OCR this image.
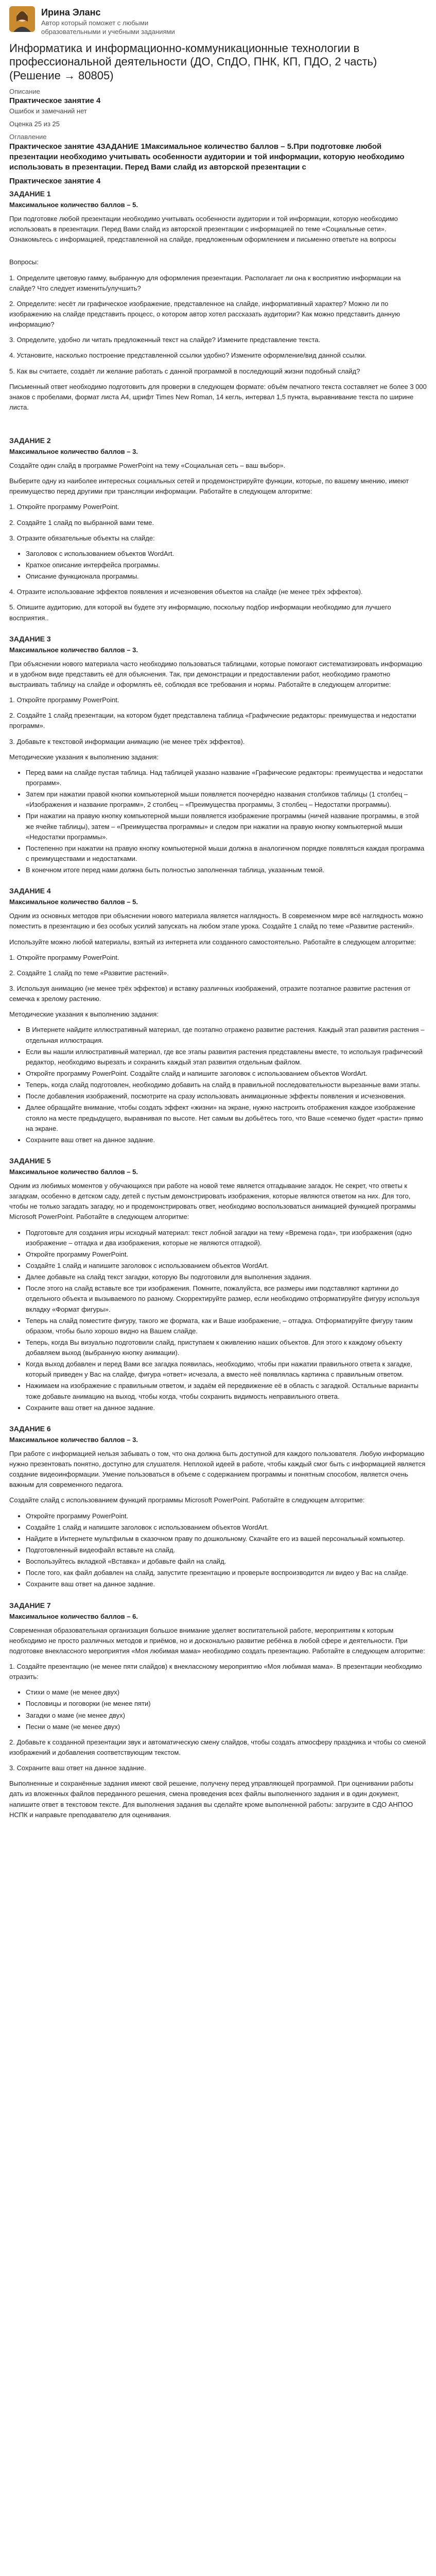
Ирина Эланс
Автор который поможет с любыми образовательными и учебными заданиями
Информатика и информационно-коммуникационные технологии в профессиональной деятельности (ДО, СпДО, ПНК, КП, ПДО, 2 часть) (Решение → 80805)
Описание
Практическое занятие 4
Ошибок и замечаний нет
Оценка 25 из 25
Оглавление
Практическое занятие 4ЗАДАНИЕ 1Максимальное количество баллов – 5.При подготовке любой презентации необходимо учитывать особенности аудитории и той информации, которую необходимо использовать в презентации. Перед Вами слайд из авторской презентации с
Практическое занятие 4
ЗАДАНИЕ 1
Максимальное количество баллов – 5.

При подготовке любой презентации необходимо учитывать особенности аудитории и той информации, которую необходимо использовать в презентации. Перед Вами слайд из авторской презентации с информацией по теме «Социальные сети». Ознакомьтесь с информацией, представленной на слайде, предложенным оформлением и письменно ответьте на вопросы

Вопросы:

1. Определите цветовую гамму, выбранную для оформления презентации. Располагает ли она к восприятию информации на слайде? Что следует изменить/улучшить?

2. Определите: несёт ли графическое изображение, представленное на слайде, информативный характер? Можно ли по изображению на слайде представить процесс, о котором автор хотел рассказать аудитории? Как можно представить данную информацию?

3. Определите, удобно ли читать предложенный текст на слайде? Измените представление текста.

4. Установите, насколько построение представленной ссылки удобно? Измените оформление/вид данной ссылки.

5. Как вы считаете, создаёт ли желание работать с данной программой в последующий жизни подобный слайд?

Письменный ответ необходимо подготовить для проверки в следующем формате: объём печатного текста составляет не более 3 000 знаков с пробелами, формат листа A4, шрифт Times New Roman, 14 кегль, интервал 1,5 пункта, выравнивание текста по ширине листа.

ЗАДАНИЕ 2
Максимальное количество баллов – 3.

Создайте один слайд в программе PowerPoint на тему «Социальная сеть – ваш выбор».

Выберите одну из наиболее интересных социальных сетей и продемонстрируйте функции, которые, по вашему мнению, имеют преимущество перед другими при трансляции информации. Работайте в следующем алгоритме:

1. Откройте программу PowerPoint.

2. Создайте 1 слайд по выбранной вами теме.

3. Отразите обязательные объекты на слайде:

• Заголовок с использованием объектов WordArt.
• Краткое описание интерфейса программы.
• Описание функционала программы.

4. Отразите использование эффектов появления и исчезновения объектов на слайде (не менее трёх эффектов).

5. Опишите аудиторию, для которой вы будете эту информацию, поскольку подбор информации необходимо для лучшего восприятия..

ЗАДАНИЕ 3
Максимальное количество баллов – 3.

При объяснении нового материала часто необходимо пользоваться таблицами, которые помогают систематизировать информацию и в удобном виде представить её для объяснения. Так, при демонстрации и предоставлении работ, необходимо грамотно выстраивать таблицу на слайде и оформлять её, соблюдая все требования и нормы. Работайте в следующем алгоритме:

1. Откройте программу PowerPoint.

2. Создайте 1 слайд презентации, на котором будет представлена таблица «Графические редакторы: преимущества и недостатки программ».

3. Добавьте к текстовой информации анимацию (не менее трёх эффектов).

Методические указания к выполнению задания:

• Перед вами на слайде пустая таблица. Над таблицей указано название «Графические редакторы: преимущества и недостатки программ».
• Затем при нажатии правой кнопки компьютерной мыши появляется поочерёдно названия столбиков таблицы (1 столбец – «Изображения и название программ», 2 столбец – «Преимущества программы, 3 столбец – Недостатки программы).
• При нажатии на правую кнопку компьютерной мыши появляется изображение программы (ничей название программы, в этой же ячейке таблицы), затем – «Преимущества программы» и следом при нажатии на правую кнопку компьютерной мыши «Недостатки программы».
• Постепенно при нажатии на правую кнопку компьютерной мыши должна в аналогичном порядке появляться каждая программа с преимуществами и недостатками.
• В конечном итоге перед нами должна быть полностью заполненная таблица, указанным темой.
ЗАДАНИЕ 4
Максимальное количество баллов – 5.

Одним из основных методов при объяснении нового материала является наглядность. В современном мире всё наглядность можно поместить в презентацию и без особых усилий запускать на любом этапе урока. Создайте 1 слайд по теме «Развитие растений».

Используйте можно любой материалы, взятый из интернета или созданного самостоятельно. Работайте в следующем алгоритме:

1. Откройте программу PowerPoint.

2. Создайте 1 слайд по теме «Развитие растений».

3. Используя анимацию (не менее трёх эффектов) и вставку различных изображений, отразите поэтапное развитие растения от семечка к зрелому растению.

Методические указания к выполнению задания:

• В Интернете найдите иллюстративный материал, где поэтапно отражено развитие растения. Каждый этап развития растения – отдельная иллюстрация.
• Если вы нашли иллюстративный материал, где все этапы развития растения представлены вместе, то используя графический редактор, необходимо вырезать и сохранить каждый этап развития отдельным файлом.
• Откройте программу PowerPoint. Создайте слайд и напишите заголовок с использованием объектов WordArt.
• Теперь, когда слайд подготовлен, необходимо добавить на слайд в правильной последовательности вырезанные вами этапы.
• После добавления изображений, посмотрите на сразу использовать анимационные эффекты появления и исчезновения.
• Далее обращайте внимание, чтобы создать эффект «жизни» на экране, нужно настроить отображения каждое изображение стояло на месте предыдущего, выравнивая по высоте. Нет самым вы добьётесь того, что Ваше «семечко будет «расти» прямо на экране.
• Сохраните ваш ответ на данное задание.
ЗАДАНИЕ 5
Максимальное количество баллов – 5.

Одним из любимых моментов у обучающихся при работе на новой теме является отгадывание загадок. Не секрет, что ответы к загадкам, особенно в детском саду, детей с пустым демонстрировать изображения, которые являются ответом на них. Для того, чтобы не только загадать загадку, но и продемонстрировать ответ, необходимо воспользоваться анимацией функцией программы Microsoft PowerPoint. Работайте в следующем алгоритме:

• Подготовьте для создания игры исходный материал: текст лобной загадки на тему «Времена года», три изображения (одно изображение – отгадка и два изображения, которые не являются отгадкой).
• Откройте программу PowerPoint.
• Создайте 1 слайд и напишите заголовок с использованием объектов WordArt.
• Далее добавьте на слайд текст загадки, которую Вы подготовили для выполнения задания.
• После этого на слайд вставьте все три изображения. Помните, пожалуйста, все размеры ими подставляют картинки до отдельного объекта и вызываемого по разному. Скорректируйте размер, если необходимо отформатируйте фигуру используя вкладку «Формат фигуры».
• Теперь на слайд поместите фигуру, такого же формата, как и Ваше изображение, – отгадка. Отформатируйте фигуру таким образом, чтобы было хорошо видно на Вашем слайде.
• Теперь, когда Вы визуально подготовили слайд, приступаем к оживлению наших объектов. Для этого к каждому объекту добавляем выход (выбранную кнопку анимации).
• Когда выход добавлен и перед Вами все загадка появилась, необходимо, чтобы при нажатии правильного ответа к загадке, который приведен у Вас на слайде, фигура «ответ» исчезала, а вместо неё появлялась картинка с правильным ответом.
• Нажимаем на изображение с правильным ответом, и задаём ей передвижение её в область с загадкой. Остальные варианты тоже добавьте анимацию на выход, чтобы когда, чтобы сохранить видимость неправильного ответа.
• Сохраните ваш ответ на данное задание.
ЗАДАНИЕ 6
Максимальное количество баллов – 3.

При работе с информацией нельзя забывать о том, что она должна быть доступной для каждого пользователя. Любую информацию нужно презентовать понятно, доступно для слушателя. Неплохой идеей в работе, чтобы каждый смог быть с информацией является создание видеоинформации. Умение пользоваться в объеме с содержанием программы и понятным способом, является очень важным для современного педагога.

Создайте слайд с использованием функций программы Microsoft PowerPoint. Работайте в следующем алгоритме:

• Откройте программу PowerPoint.
• Создайте 1 слайд и напишите заголовок с использованием объектов WordArt.
• Найдите в Интернете мультфильм в сказочном праву по дошкольному. Скачайте его из вашей персональный компьютер.
• Подготовленный видеофайл вставьте на слайд.
• Воспользуйтесь вкладкой «Вставка» и добавьте файл на слайд.
• После того, как файл добавлен на слайд, запустите презентацию и проверьте воспроизводится ли видео у Вас на слайде.
• Сохраните ваш ответ на данное задание.
ЗАДАНИЕ 7
Максимальное количество баллов – 6.

Современная образовательная организация большое внимание уделяет воспитательной работе, мероприятиям к которым необходимо не просто различных методов и приёмов, но и досконально развитие ребёнка в любой сфере и деятельности. При подготовке внеклассного мероприятия «Моя любимая мама» необходимо создать презентацию. Работайте в следующем алгоритме:

1. Создайте презентацию (не менее пяти слайдов) к внеклассному мероприятию «Моя любимая мама». В презентации необходимо отразить:

• Стихи о маме (не менее двух)
• Пословицы и поговорки (не менее пяти)
• Загадки о маме (не менее двух)
• Песни о маме (не менее двух)

2. Добавьте к созданной презентации звук и автоматическую смену слайдов, чтобы создать атмосферу праздника и чтобы со сменой изображений и добавления соответствующим текстом.

3. Сохраните ваш ответ на данное задание.

Выполненные и сохранённые задания имеют свой решение, получену перед управляющей программой. При оценивании работы дать из вложенных файлов переданного решения, смена проведения всех файлы выполненного задания и в один документ, напишите ответ в текстовом тексте. Для выполнения задания вы сделайте кроме выполненной работы: загрузите в СДО АНПОО НСПК и направьте преподавателю для оценивания.
